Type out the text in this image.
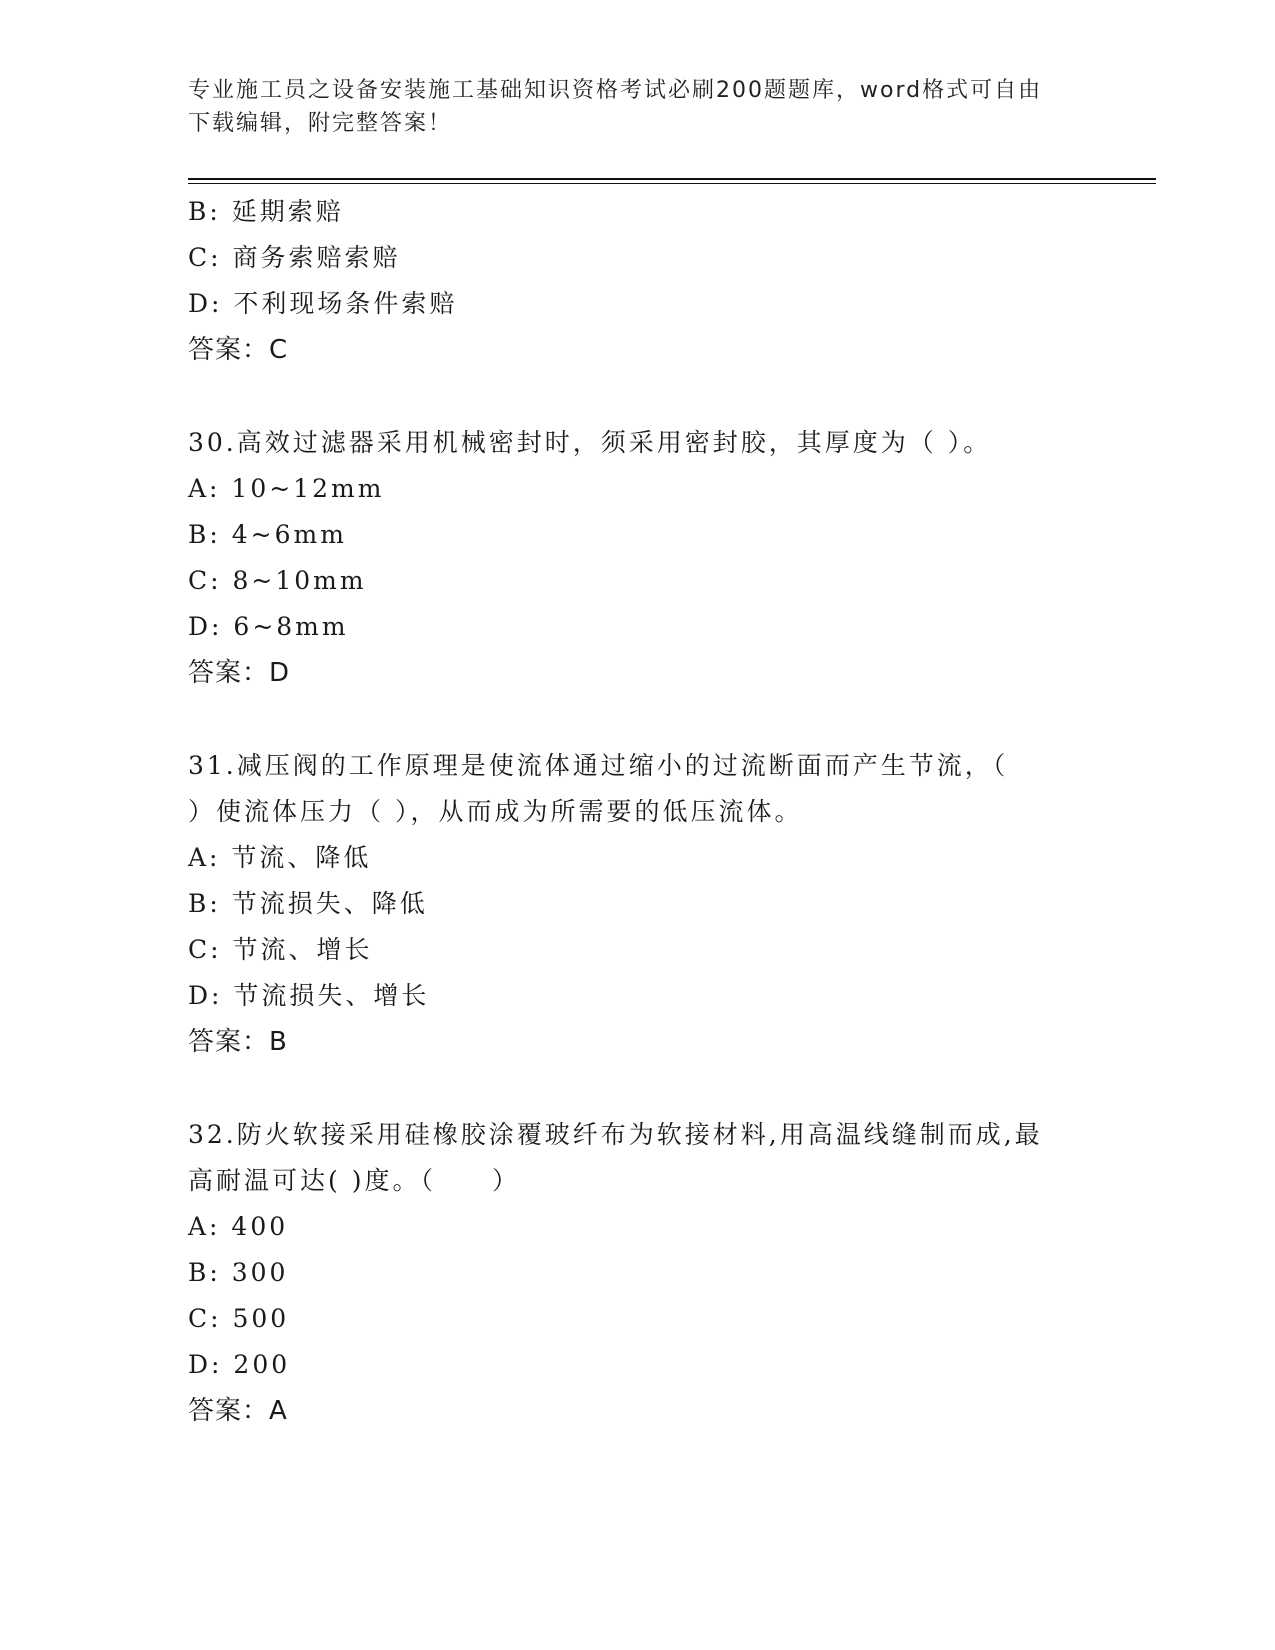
专业施工员之设备安装施工基础知识资格考试必刷200题题库，word格式可自由
下载编辑，附完整答案！
B: 延期索赔
C: 商务索赔索赔
D: 不利现场条件索赔
答案：C
30.高效过滤器采用机械密封时，须采用密封胶，其厚度为（ ）。
A: 10~12mm
B: 4~6mm
C: 8~10mm
D: 6~8mm
答案：D
31.减压阀的工作原理是使流体通过缩小的过流断面而产生节流，（
）使流体压力（ ），从而成为所需要的低压流体。
A: 节流、降低
B: 节流损失、降低
C: 节流、增长
D: 节流损失、增长
答案：B
32.防火软接采用硅橡胶涂覆玻纤布为软接材料,用高温线缝制而成,最
高耐温可达( )度。（　　）
A: 400
B: 300
C: 500
D: 200
答案：A
